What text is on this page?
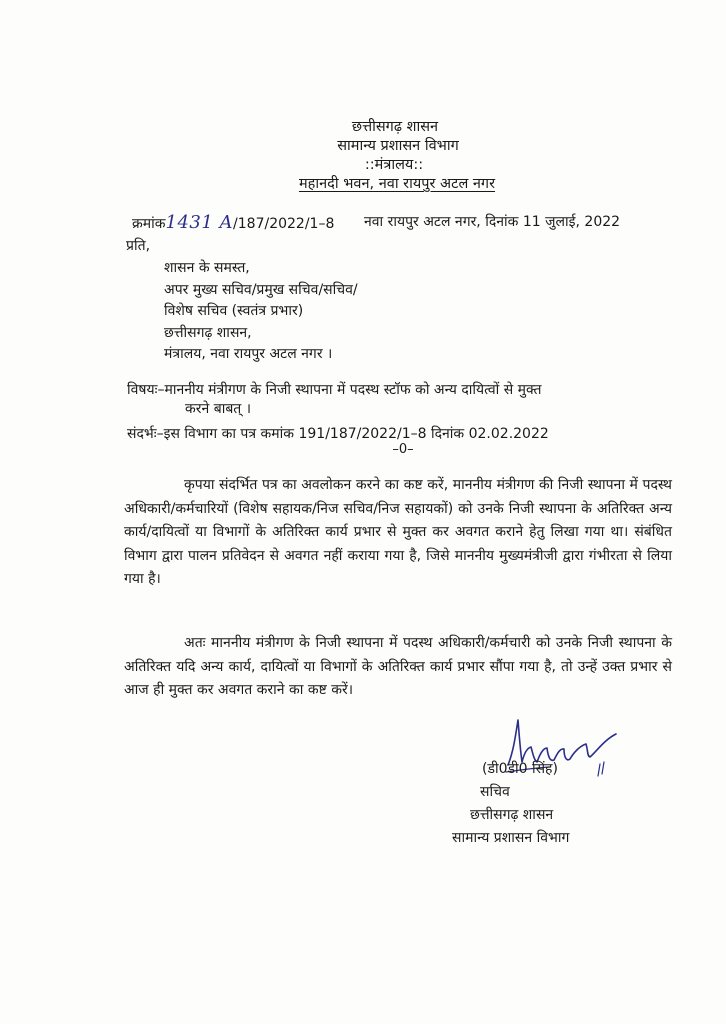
छत्तीसगढ़ शासन
सामान्य प्रशासन विभाग
::मंत्रालय::
महानदी भवन, नवा रायपुर अटल नगर
क्रमांक1431 A/187/2022/1–8 नवा रायपुर अटल नगर, दिनांक 11 जुलाई, 2022
प्रति,
शासन के समस्त,
अपर मुख्य सचिव/प्रमुख सचिव/सचिव/
विशेष सचिव (स्वतंत्र प्रभार)
छत्तीसगढ़ शासन,
मंत्रालय, नवा रायपुर अटल नगर ।
विषयः–माननीय मंत्रीगण के निजी स्थापना में पदस्थ स्टॉफ को अन्य दायित्वों से मुक्त
करने बाबत् ।
संदर्भः–इस विभाग का पत्र कमांक 191/187/2022/1–8 दिनांक 02.02.2022
–0–
कृपया संदर्भित पत्र का अवलोकन करने का कष्ट करें, माननीय मंत्रीगण की निजी स्थापना में पदस्थ अधिकारी/कर्मचारियों (विशेष सहायक/निज सचिव/निज सहायकों) को उनके निजी स्थापना के अतिरिक्त अन्य कार्य/दायित्वों या विभागों के अतिरिक्त कार्य प्रभार से मुक्त कर अवगत कराने हेतु लिखा गया था। संबंधित विभाग द्वारा पालन प्रतिवेदन से अवगत नहीं कराया गया है, जिसे माननीय मुख्यमंत्रीजी द्वारा गंभीरता से लिया गया है।
अतः माननीय मंत्रीगण के निजी स्थापना में पदस्थ अधिकारी/कर्मचारी को उनके निजी स्थापना के अतिरिक्त यदि अन्य कार्य, दायित्वों या विभागों के अतिरिक्त कार्य प्रभार सौंपा गया है, तो उन्हें उक्त प्रभार से आज ही मुक्त कर अवगत कराने का कष्ट करें।
(डी0डी0 सिंह)
सचिव
छत्तीसगढ़ शासन
सामान्य प्रशासन विभाग
